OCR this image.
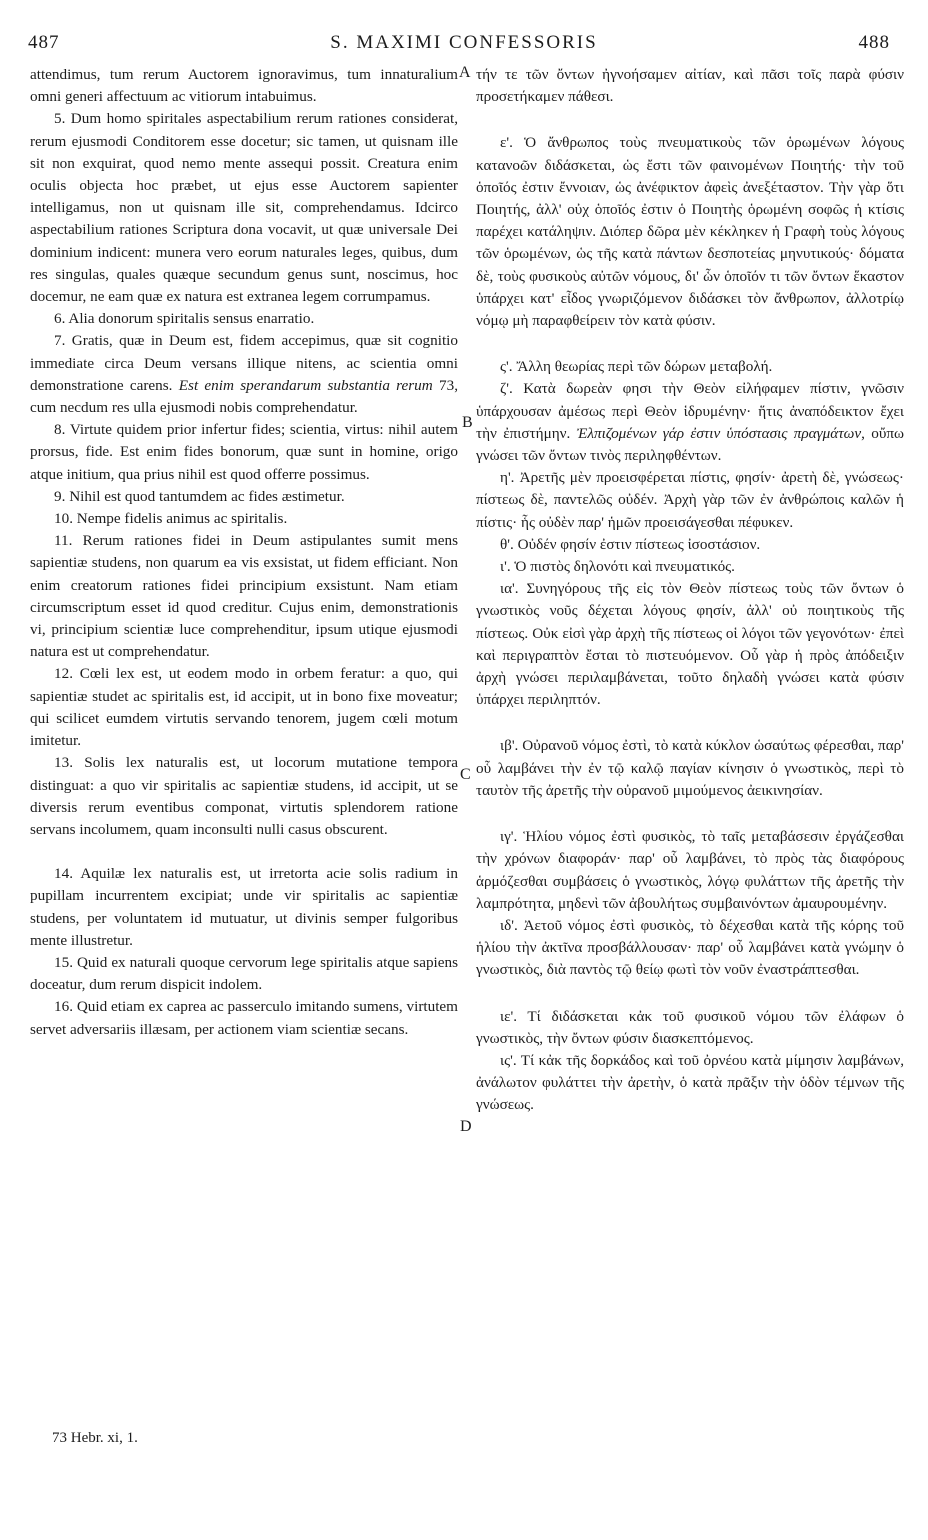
487	S. MAXIMI CONFESSORIS	488
A
B
C
D

attendimus, tum rerum Auctorem ignoravimus, tum innaturalium omni generi affectuum ac vitiorum intabuimus.

5. Dum homo spiritales aspectabilium rerum rationes considerat, rerum ejusmodi Conditorem esse docetur; sic tamen, ut quisnam ille sit non exquirat, quod nemo mente assequi possit. Creatura enim oculis objecta hoc præbet, ut ejus esse Auctorem sapienter intelligamus, non ut quisnam ille sit, comprehendamus. Idcirco aspectabilium rationes Scriptura dona vocavit, ut quæ universale Dei dominium indicent: munera vero eorum naturales leges, quibus, dum res singulas, quales quæque secundum genus sunt, noscimus, hoc docemur, ne eam quæ ex natura est extranea legem corrumpamus.

6. Alia donorum spiritalis sensus enarratio.

7. Gratis, quæ in Deum est, fidem accepimus, quæ sit cognitio immediate circa Deum versans illique nitens, ac scientia omni demonstratione carens. Est enim sperandarum substantia rerum 73, cum necdum res ulla ejusmodi nobis comprehendatur.

8. Virtute quidem prior infertur fides; scientia, virtus: nihil autem prorsus, fide. Est enim fides bonorum, quæ sunt in homine, origo atque initium, qua prius nihil est quod offerre possimus.

9. Nihil est quod tantumdem ac fides æstimetur.

10. Nempe fidelis animus ac spiritalis.

11. Rerum rationes fidei in Deum astipulantes sumit mens sapientiæ studens, non quarum ea vis exsistat, ut fidem efficiant. Non enim creatorum rationes fidei principium exsistunt. Nam etiam circumscriptum esset id quod creditur. Cujus enim, demonstrationis vi, principium scientiæ luce comprehenditur, ipsum utique ejusmodi natura est ut comprehendatur.

12. Cœli lex est, ut eodem modo in orbem feratur: a quo, qui sapientiæ studet ac spiritalis est, id accipit, ut in bono fixe moveatur; qui scilicet eumdem virtutis servando tenorem, jugem cœli motum imitetur.

13. Solis lex naturalis est, ut locorum mutatione tempora distinguat: a quo vir spiritalis ac sapientiæ studens, id accipit, ut se diversis rerum eventibus componat, virtutis splendorem ratione servans incolumem, quam inconsulti nulli casus obscurent.

14. Aquilæ lex naturalis est, ut irretorta acie solis radium in pupillam incurrentem excipiat; unde vir spiritalis ac sapientiæ studens, per voluntatem id mutuatur, ut divinis semper fulgoribus mente illustretur.

15. Quid ex naturali quoque cervorum lege spiritalis atque sapiens doceatur, dum rerum dispicit indolem.

16. Quid etiam ex caprea ac passerculo imitando sumens, virtutem servet adversariis illæsam, per actionem viam scientiæ secans.

τήν τε τῶν ὄντων ἠγνοήσαμεν αἰτίαν, καὶ πᾶσι τοῖς παρὰ φύσιν προσετήκαμεν πάθεσι.

ε'. Ὁ ἄνθρωπος τοὺς πνευματικοὺς τῶν ὁρωμένων λόγους κατανοῶν διδάσκεται, ὡς ἔστι τῶν φαινομένων Ποιητής· τὴν τοῦ ὁποῖός ἐστιν ἔννοιαν, ὡς ἀνέφικτον ἀφεὶς ἀνεξέταστον. Τὴν γὰρ ὅτι Ποιητής, ἀλλ' οὐχ ὁποῖός ἐστιν ὁ Ποιητὴς ὁρωμένη σοφῶς ἡ κτίσις παρέχει κατάληψιν. Διόπερ δῶρα μὲν κέκληκεν ἡ Γραφὴ τοὺς λόγους τῶν ὁρωμένων, ὡς τῆς κατὰ πάντων δεσποτείας μηνυτικούς· δόματα δὲ, τοὺς φυσικοὺς αὐτῶν νόμους, δι' ὧν ὁποῖόν τι τῶν ὄντων ἕκαστον ὑπάρχει κατ' εἶδος γνωριζόμενον διδάσκει τὸν ἄνθρωπον, ἀλλοτρίῳ νόμῳ μὴ παραφθείρειν τὸν κατὰ φύσιν.

ς'. Ἄλλη θεωρίας περὶ τῶν δώρων μεταβολή.

ζ'. Κατὰ δωρεὰν φησι τὴν Θεὸν εἰλήφαμεν πίστιν, γνῶσιν ὑπάρχουσαν ἀμέσως περὶ Θεὸν ἱδρυμένην· ἥτις ἀναπόδεικτον ἔχει τὴν ἐπιστήμην. Ἐλπιζομένων γάρ ἐστιν ὑπόστασις πραγμάτων, οὔπω γνώσει τῶν ὄντων τινὸς περιληφθέντων.

η'. Ἀρετῆς μὲν προεισφέρεται πίστις, φησίν· ἀρετὴ δὲ, γνώσεως· πίστεως δὲ, παντελῶς οὐδέν. Ἀρχὴ γὰρ τῶν ἐν ἀνθρώποις καλῶν ἡ πίστις· ἧς οὐδὲν παρ' ἡμῶν προεισάγεσθαι πέφυκεν.

θ'. Οὐδέν φησίν ἐστιν πίστεως ἰσοστάσιον.

ι'. Ὁ πιστὸς δηλονότι καὶ πνευματικός.

ια'. Συνηγόρους τῆς εἰς τὸν Θεὸν πίστεως τοὺς τῶν ὄντων ὁ γνωστικὸς νοῦς δέχεται λόγους φησίν, ἀλλ' οὐ ποιητικοὺς τῆς πίστεως. Οὐκ εἰσὶ γὰρ ἀρχὴ τῆς πίστεως οἱ λόγοι τῶν γεγονότων· ἐπεὶ καὶ περιγραπτὸν ἔσται τὸ πιστευόμενον. Οὗ γὰρ ἡ πρὸς ἀπόδειξιν ἀρχὴ γνώσει περιλαμβάνεται, τοῦτο δηλαδὴ γνώσει κατὰ φύσιν ὑπάρχει περιληπτόν.

ιβ'. Οὐρανοῦ νόμος ἐστὶ, τὸ κατὰ κύκλον ὡσαύτως φέρεσθαι, παρ' οὗ λαμβάνει τὴν ἐν τῷ καλῷ παγίαν κίνησιν ὁ γνωστικὸς, περὶ τὸ ταυτὸν τῆς ἀρετῆς τὴν οὐρανοῦ μιμούμενος ἀεικινησίαν.

ιγ'. Ἡλίου νόμος ἐστὶ φυσικὸς, τὸ ταῖς μεταβάσεσιν ἐργάζεσθαι τὴν χρόνων διαφοράν· παρ' οὗ λαμβάνει, τὸ πρὸς τὰς διαφόρους ἁρμόζεσθαι συμβάσεις ὁ γνωστικὸς, λόγῳ φυλάττων τῆς ἀρετῆς τὴν λαμπρότητα, μηδενὶ τῶν ἀβουλήτως συμβαινόντων ἀμαυρουμένην.

ιδ'. Ἀετοῦ νόμος ἐστὶ φυσικὸς, τὸ δέχεσθαι κατὰ τῆς κόρης τοῦ ἡλίου τὴν ἀκτῖνα προσβάλλουσαν· παρ' οὗ λαμβάνει κατὰ γνώμην ὁ γνωστικὸς, διὰ παντὸς τῷ θείῳ φωτὶ τὸν νοῦν ἐναστράπτεσθαι.

ιε'. Τί διδάσκεται κἀκ τοῦ φυσικοῦ νόμου τῶν ἐλάφων ὁ γνωστικὸς, τὴν ὄντων φύσιν διασκεπτόμενος.

ις'. Τί κἀκ τῆς δορκάδος καὶ τοῦ ὀρνέου κατὰ μίμησιν λαμβάνων, ἀνάλωτον φυλάττει τὴν ἀρετὴν, ὁ κατὰ πρᾶξιν τὴν ὁδὸν τέμνων τῆς γνώσεως.

73 Hebr. xi, 1.
